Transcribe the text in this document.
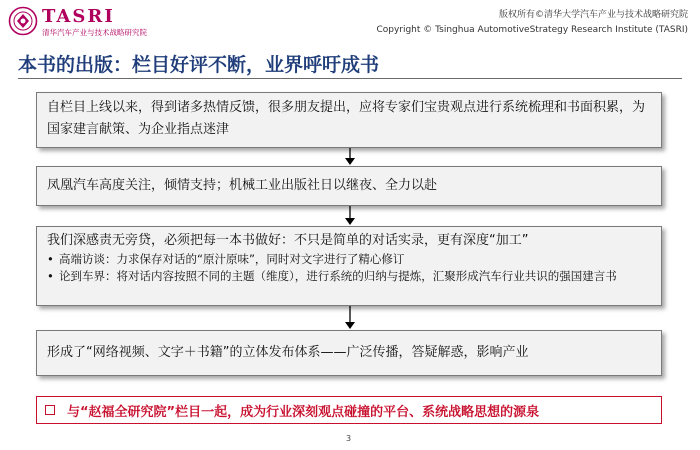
TASRI
清华汽车产业与技术战略研究院
版权所有©清华大学汽车产业与技术战略研究院
Copyright © Tsinghua AutomotiveStrategy Research Institute (TASRI)
本书的出版：栏目好评不断，业界呼吁成书
自栏目上线以来，得到诸多热情反馈，很多朋友提出，应将专家们宝贵观点进行系统梳理和书面积累，为国家建言献策、为企业指点迷津
凤凰汽车高度关注，倾情支持；机械工业出版社日以继夜、全力以赴
我们深感责无旁贷，必须把每一本书做好：不只是简单的对话实录，更有深度“加工”
• 高端访谈：力求保存对话的“原汁原味”，同时对文字进行了精心修订
• 论到车界：将对话内容按照不同的主题（维度），进行系统的归纳与提炼，汇聚形成汽车行业共识的强国建言书
形成了“网络视频、文字＋书籍”的立体发布体系——广泛传播，答疑解惑，影响产业
与“赵福全研究院”栏目一起，成为行业深刻观点碰撞的平台、系统战略思想的源泉
3
